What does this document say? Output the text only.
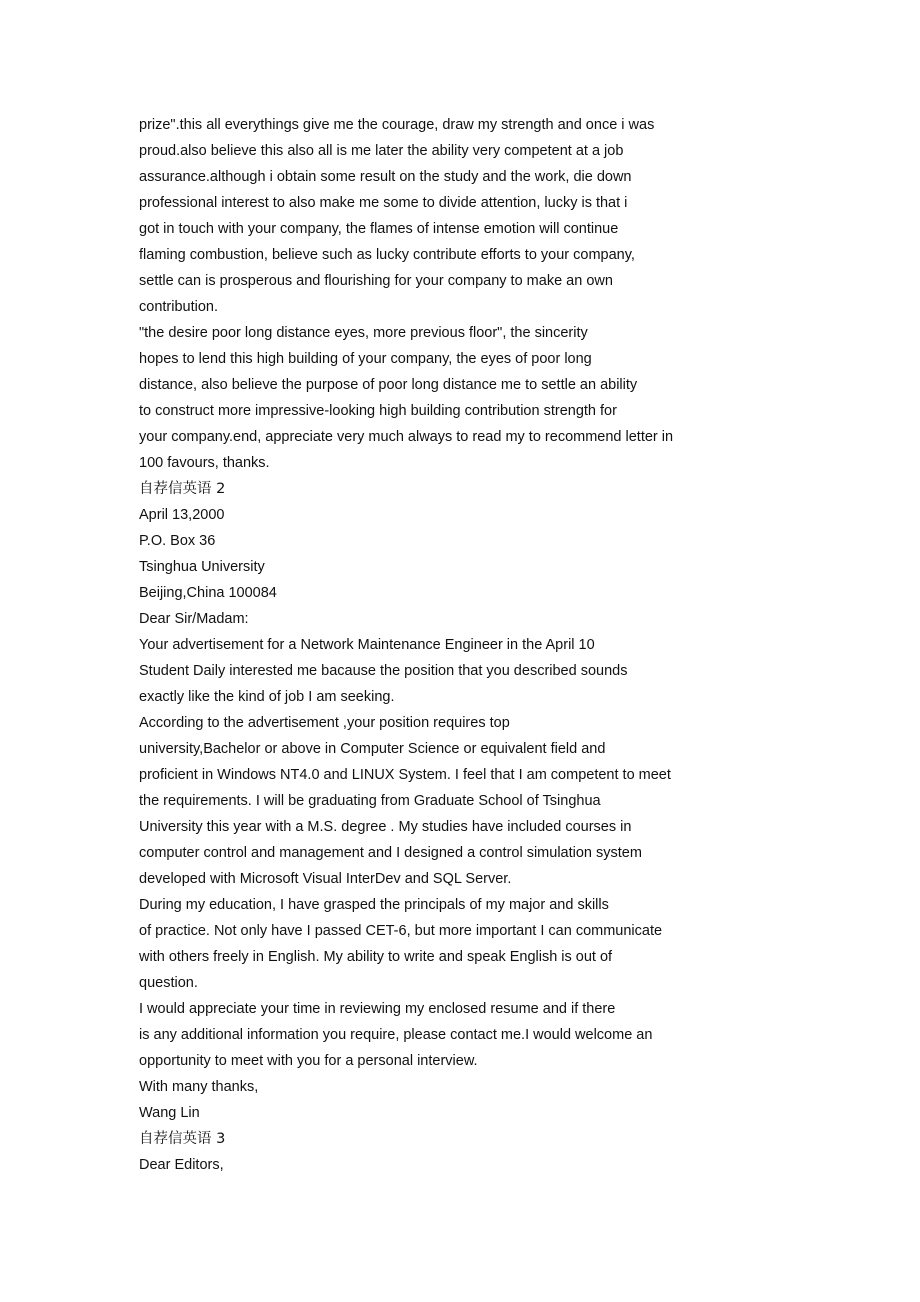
prize".this all everythings give me the courage, draw my strength and once i was
proud.also believe this also all is me later the ability very competent at a job
assurance.although i obtain some result on the study and the work, die down
professional interest to also make me some to divide attention, lucky is that i
got in touch with your company, the flames of intense emotion will continue
flaming combustion, believe such as lucky contribute efforts to your company,
settle can is prosperous and flourishing for your company to make an own
contribution.
"the desire poor long distance eyes, more previous floor", the sincerity
hopes to lend this high building of your company, the eyes of poor long
distance, also believe the purpose of poor long distance me to settle an ability
to construct more impressive-looking high building contribution strength for
your company.end, appreciate very much always to read my to recommend letter in
100 favours, thanks.
自荐信英语 2
April 13,2000
P.O. Box 36
Tsinghua University
Beijing,China 100084
Dear Sir/Madam:
Your advertisement for a Network Maintenance Engineer in the April 10
Student Daily interested me bacause the position that you described sounds
exactly like the kind of job I am seeking.
According to the advertisement ,your position requires top
university,Bachelor or above in Computer Science or equivalent field and
proficient in Windows NT4.0 and LINUX System. I feel that I am competent to meet
the requirements. I will be graduating from Graduate School of Tsinghua
University this year with a M.S. degree . My studies have included courses in
computer control and management and I designed a control simulation system
developed with Microsoft Visual InterDev and SQL Server.
During my education, I have grasped the principals of my major and skills
of practice. Not only have I passed CET-6, but more important I can communicate
with others freely in English. My ability to write and speak English is out of
question.
I would appreciate your time in reviewing my enclosed resume and if there
is any additional information you require, please contact me.I would welcome an
opportunity to meet with you for a personal interview.
With many thanks,
Wang Lin
自荐信英语 3
Dear Editors,
